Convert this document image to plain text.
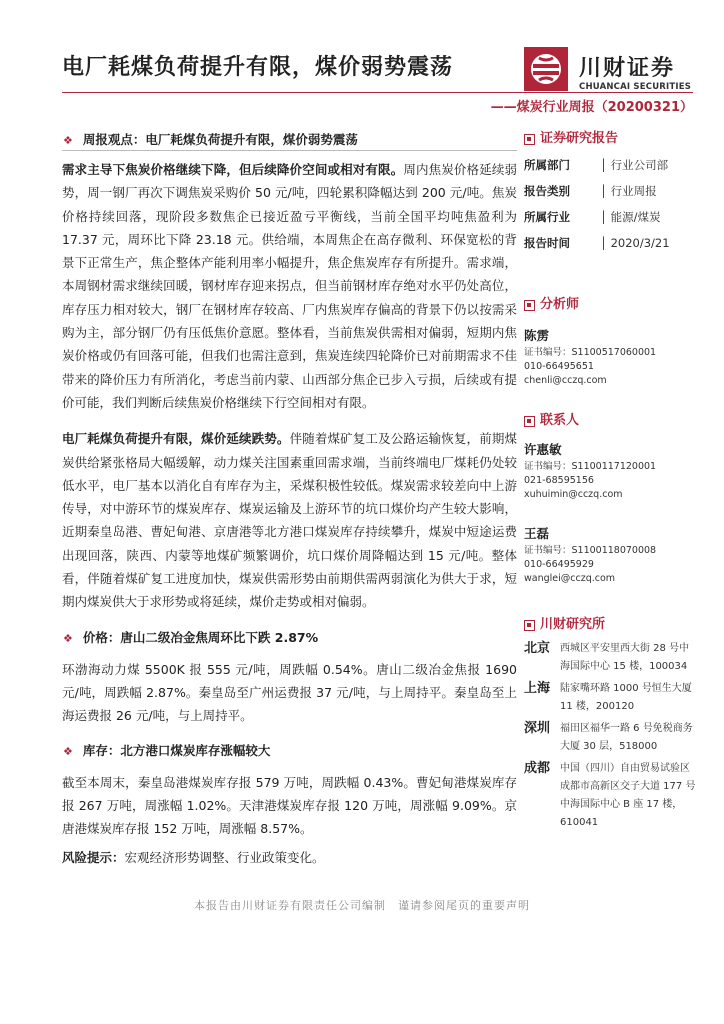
电厂耗煤负荷提升有限，煤价弱势震荡	川财证券
CHUANCAI SECURITIES
——煤炭行业周报（20200321）
❖ 周报观点：电厂耗煤负荷提升有限，煤价弱势震荡

需求主导下焦炭价格继续下降，但后续降价空间或相对有限。周内焦炭价格延续弱势，周一钢厂再次下调焦炭采购价 50 元/吨，四轮累积降幅达到 200 元/吨。焦炭价格持续回落，现阶段多数焦企已接近盈亏平衡线，当前全国平均吨焦盈利为 17.37 元，周环比下降 23.18 元。供给端，本周焦企在高存微利、环保宽松的背景下正常生产，焦企整体产能利用率小幅提升，焦企焦炭库存有所提升。需求端，本周钢材需求继续回暖，钢材库存迎来拐点，但当前钢材库存绝对水平仍处高位，库存压力相对较大，钢厂在钢材库存较高、厂内焦炭库存偏高的背景下仍以按需采购为主，部分钢厂仍有压低焦价意愿。整体看，当前焦炭供需相对偏弱，短期内焦炭价格或仍有回落可能，但我们也需注意到，焦炭连续四轮降价已对前期需求不佳带来的降价压力有所消化，考虑当前内蒙、山西部分焦企已步入亏损，后续或有提价可能，我们判断后续焦炭价格继续下行空间相对有限。

电厂耗煤负荷提升有限，煤价延续跌势。伴随着煤矿复工及公路运输恢复，前期煤炭供给紧张格局大幅缓解，动力煤关注国素重回需求端，当前终端电厂煤耗仍处较低水平，电厂基本以消化自有库存为主，采煤积极性较低。煤炭需求较差向中上游传导，对中游环节的煤炭库存、煤炭运输及上游环节的坑口煤价均产生较大影响，近期秦皇岛港、曹妃甸港、京唐港等北方港口煤炭库存持续攀升，煤炭中短途运费出现回落，陕西、内蒙等地煤矿频繁调价，坑口煤价周降幅达到 15 元/吨。整体看，伴随着煤矿复工进度加快，煤炭供需形势由前期供需两弱演化为供大于求，短期内煤炭供大于求形势或将延续，煤价走势或相对偏弱。

❖ 价格：唐山二级冶金焦周环比下跌 2.87%

环渤海动力煤 5500K 报 555 元/吨，周跌幅 0.54%。唐山二级冶金焦报 1690 元/吨，周跌幅 2.87%。秦皇岛至广州运费报 37 元/吨，与上周持平。秦皇岛至上海运费报 26 元/吨，与上周持平。

❖ 库存：北方港口煤炭库存涨幅较大

截至本周末，秦皇岛港煤炭库存报 579 万吨，周跌幅 0.43%。曹妃甸港煤炭库存报 267 万吨，周涨幅 1.02%。天津港煤炭库存报 120 万吨，周涨幅 9.09%。京唐港煤炭库存报 152 万吨，周涨幅 8.57%。

风险提示：宏观经济形势调整、行业政策变化。

证券研究报告
所属部门	│ 行业公司部
报告类别	│ 行业周报
所属行业	│ 能源/煤炭
报告时间	│ 2020/3/21
分析师
陈雳
证书编号：S1100517060001
010-66495651
chenli@cczq.com
联系人
许惠敏
证书编号：S1100117120001
021-68595156
xuhuimin@cczq.com
王磊
证书编号：S1100118070008
010-66495929
wanglei@cczq.com
川财研究所
北京 西城区平安里西大街 28 号中海国际中心 15 楼，100034
上海 陆家嘴环路 1000 号恒生大厦 11 楼，200120
深圳 福田区福华一路 6 号免税商务大厦 30 层，518000
成都 中国（四川）自由贸易试验区成都市高新区交子大道 177 号中海国际中心 B 座 17 楼，610041
本报告由川财证券有限责任公司编制　谨请参阅尾页的重要声明
